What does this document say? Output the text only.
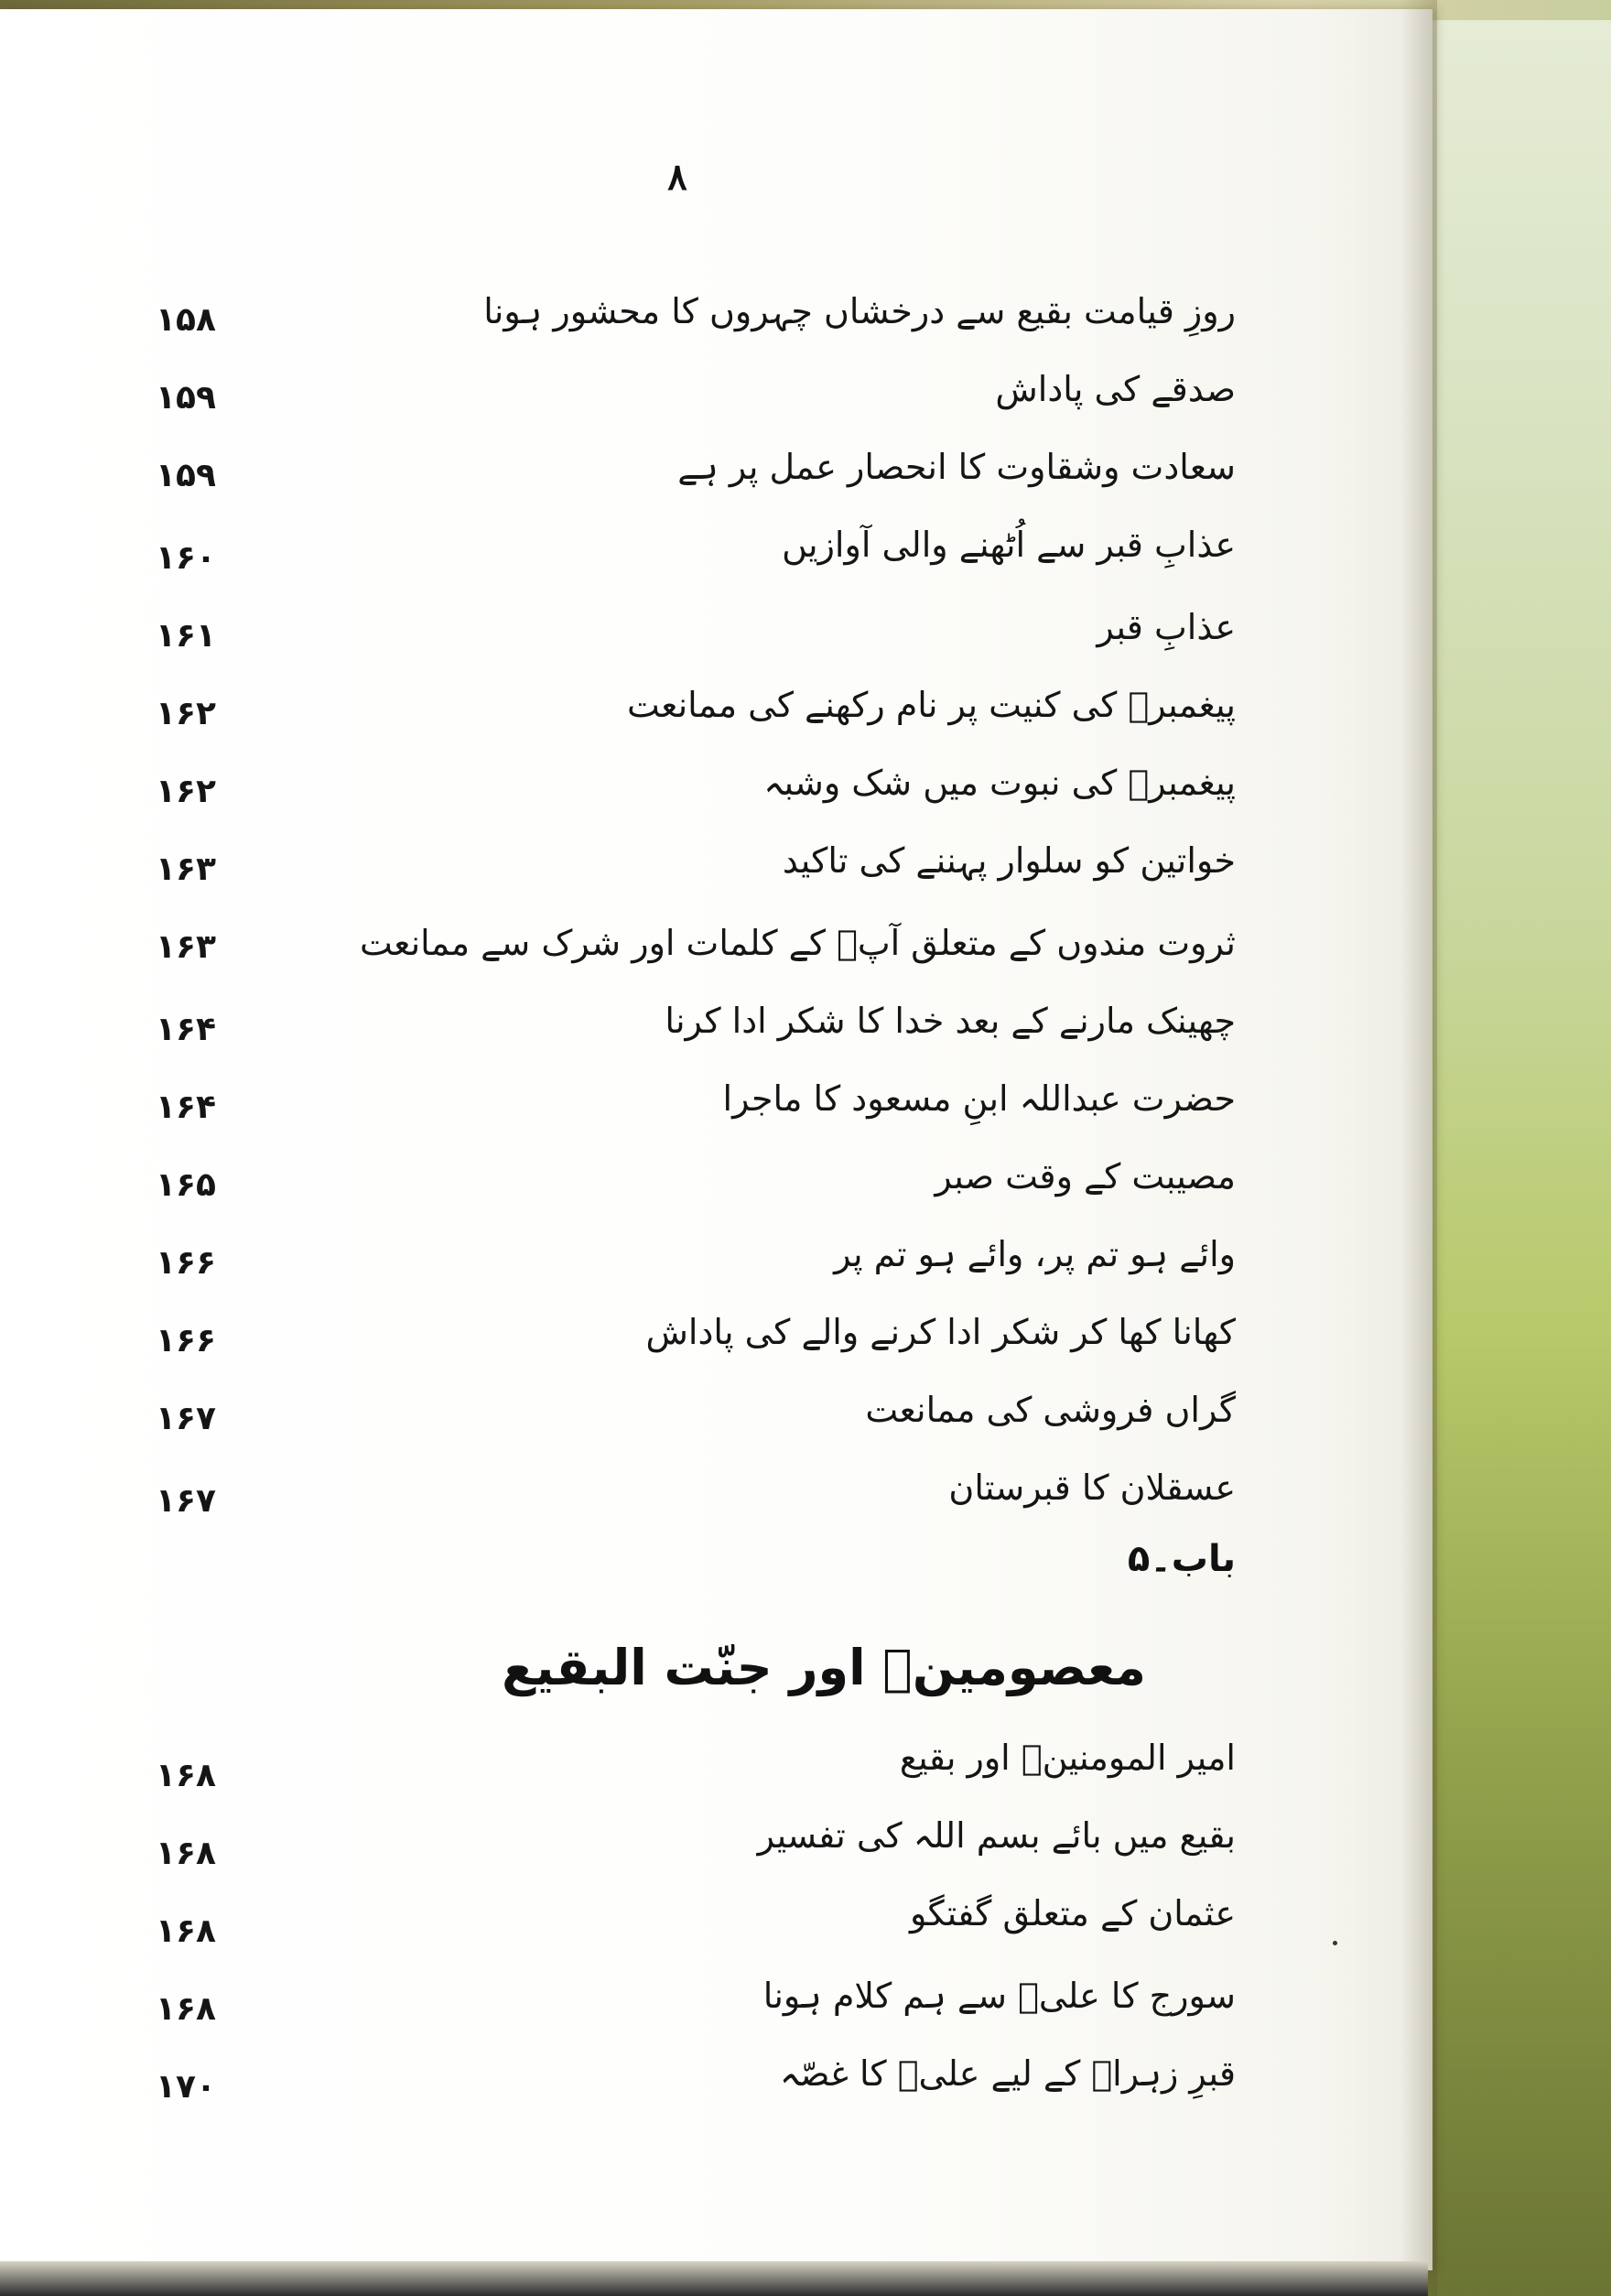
۸
روزِ قیامت بقیع سے درخشاں چہروں کا محشور ہونا
۱۵۸
صدقے کی پاداش
۱۵۹
سعادت وشقاوت کا انحصار عمل پر ہے
۱۵۹
عذابِ قبر سے اُٹھنے والی آوازیں
۱۶۰
عذابِ قبر
۱۶۱
پیغمبرؐ کی کنیت پر نام رکھنے کی ممانعت
۱۶۲
پیغمبرؐ کی نبوت میں شک وشبہ
۱۶۲
خواتین کو سلوار پہننے کی تاکید
۱۶۳
ثروت مندوں کے متعلق آپؐ کے کلمات اور شرک سے ممانعت
۱۶۳
چھینک مارنے کے بعد خدا کا شکر ادا کرنا
۱۶۴
حضرت عبداللہ ابنِ مسعود کا ماجرا
۱۶۴
مصیبت کے وقت صبر
۱۶۵
وائے ہو تم پر، وائے ہو تم پر
۱۶۶
کھانا کھا کر شکر ادا کرنے والے کی پاداش
۱۶۶
گراں فروشی کی ممانعت
۱۶۷
عسقلان کا قبرستان
۱۶۷
باب۔۵
معصومینؑ اور جنّت البقیع
امیر المومنینؑ اور بقیع
۱۶۸
بقیع میں بائے بسم اللہ کی تفسیر
۱۶۸
عثمان کے متعلق گفتگو
۱۶۸
سورج کا علیؑ سے ہم کلام ہونا
۱۶۸
قبرِ زہراؑ کے لیے علیؑ کا غصّہ
۱۷۰
